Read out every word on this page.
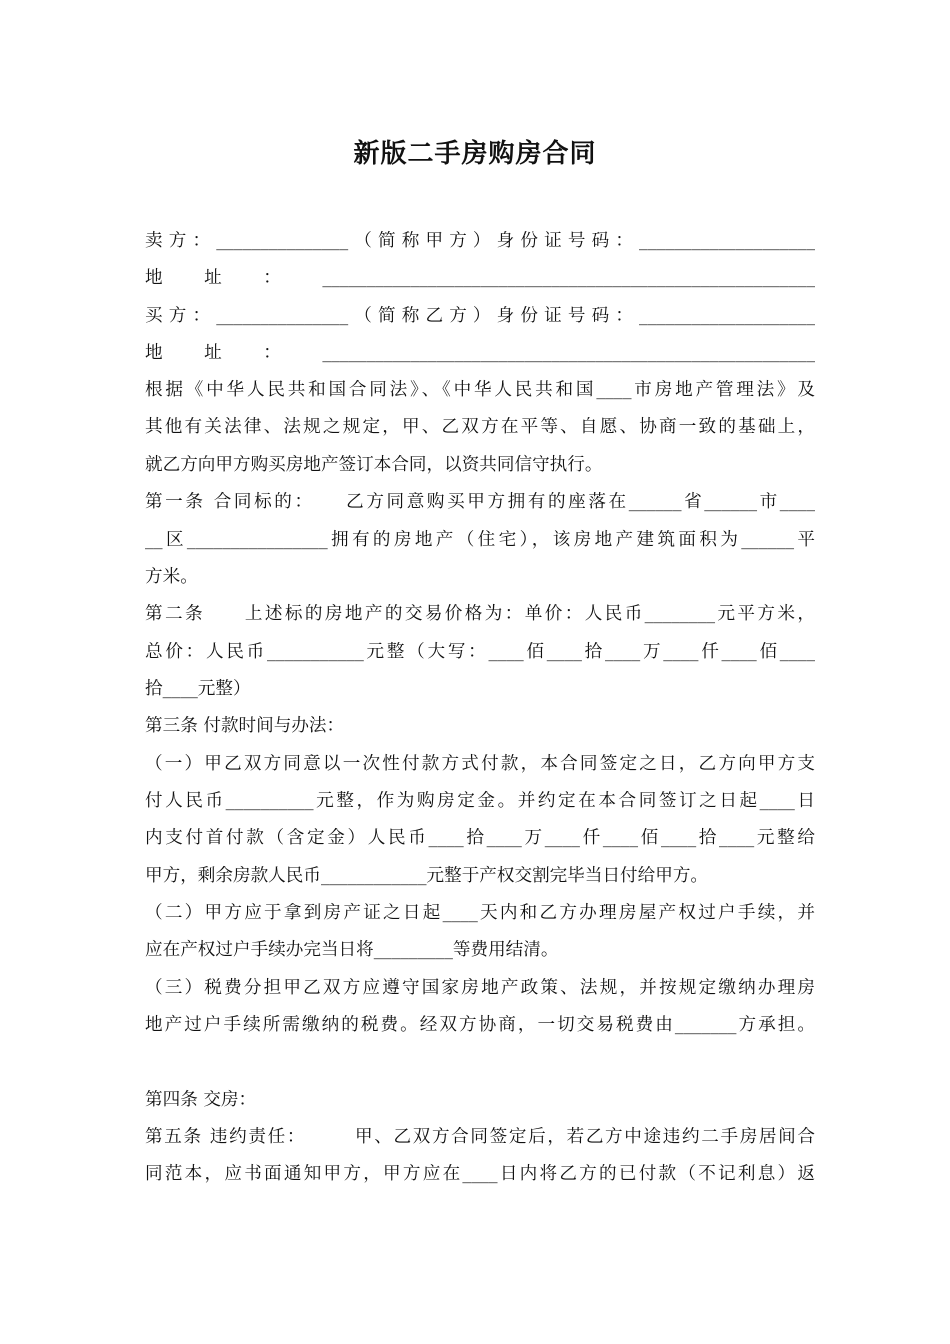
新版二手房购房合同
卖方：_______________（简称甲方）身份证号码：____________________
地 址 ： ________________________________________________________
买方：_______________（简称乙方）身份证号码：____________________
地 址 ： ________________________________________________________
根据《中华人民共和国合同法》、《中华人民共和国____市房地产管理法》及
其他有关法律、法规之规定，甲、乙双方在平等、自愿、协商一致的基础上，
就乙方向甲方购买房地产签订本合同，以资共同信守执行。
第一条 合同标的：　　乙方同意购买甲方拥有的座落在______省______市____
__区________________拥有的房地产（住宅），该房地产建筑面积为______平
方米。
第二条　　上述标的房地产的交易价格为：单价：人民币________元平方米，
总价：人民币___________元整（大写：____佰____拾____万____仟____佰____
拾____元整）
第三条 付款时间与办法：
（一）甲乙双方同意以一次性付款方式付款，本合同签定之日，乙方向甲方支
付人民币__________元整，作为购房定金。并约定在本合同签订之日起____日
内支付首付款（含定金）人民币____拾____万____仟____佰____拾____元整给
甲方，剩余房款人民币____________元整于产权交割完毕当日付给甲方。
（二）甲方应于拿到房产证之日起____天内和乙方办理房屋产权过户手续，并
应在产权过户手续办完当日将_________等费用结清。
（三）税费分担甲乙双方应遵守国家房地产政策、法规，并按规定缴纳办理房
地产过户手续所需缴纳的税费。经双方协商，一切交易税费由_______方承担。
第四条 交房：
第五条 违约责任：　　　甲、乙双方合同签定后，若乙方中途违约二手房居间合
同范本，应书面通知甲方，甲方应在____日内将乙方的已付款（不记利息）返
